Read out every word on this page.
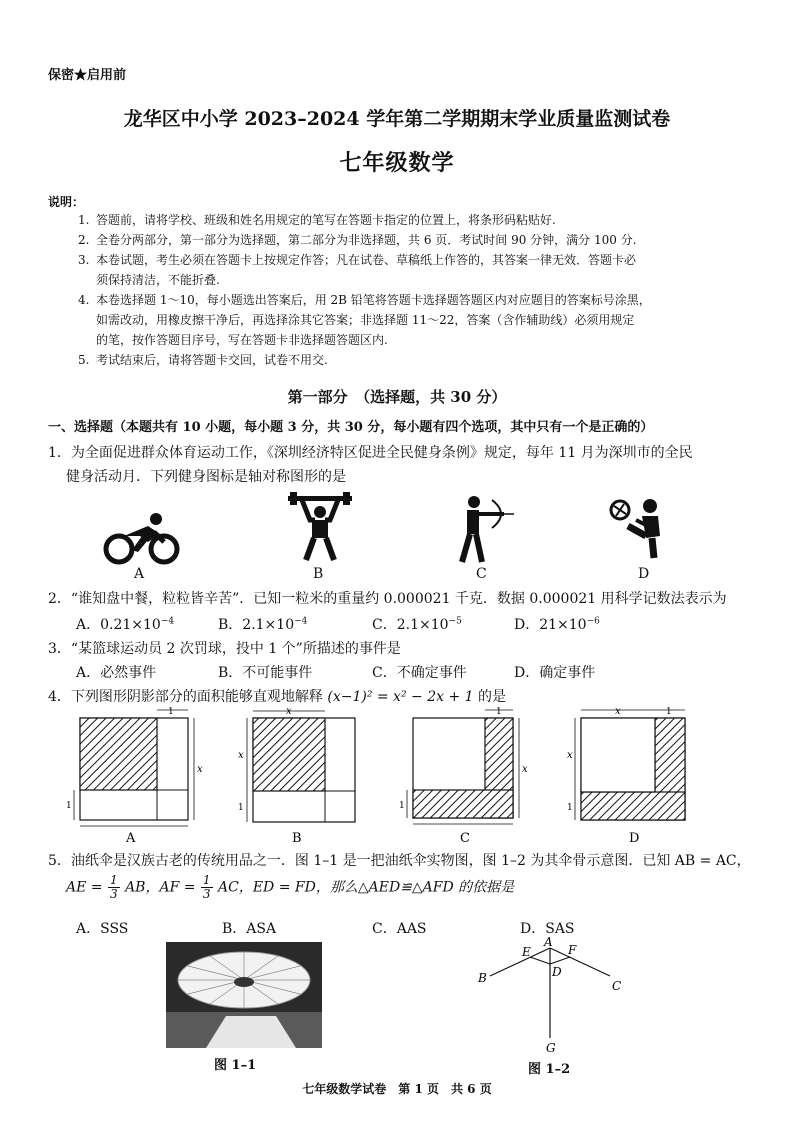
保密★启用前
龙华区中小学 2023–2024 学年第二学期期末学业质量监测试卷
七年级数学
说明：
1. 答题前，请将学校、班级和姓名用规定的笔写在答题卡指定的位置上，将条形码粘贴好.
2. 全卷分两部分，第一部分为选择题，第二部分为非选择题，共 6 页．考试时间 90 分钟，满分 100 分.
3. 本卷试题，考生必须在答题卡上按规定作答；凡在试卷、草稿纸上作答的，其答案一律无效．答题卡必
须保持清洁，不能折叠.
4. 本卷选择题 1～10，每小题选出答案后，用 2B 铅笔将答题卡选择题答题区内对应题目的答案标号涂黑，
如需改动，用橡皮擦干净后，再选择涂其它答案；非选择题 11～22，答案（含作辅助线）必须用规定
的笔，按作答题目序号，写在答题卡非选择题答题区内.
5. 考试结束后，请将答题卡交回，试卷不用交.
第一部分　（选择题，共 30 分）
一、选择题（本题共有 10 小题，每小题 3 分，共 30 分，每小题有四个选项，其中只有一个是正确的）
1．为全面促进群众体育运动工作，《深圳经济特区促进全民健身条例》规定，每年 11 月为深圳市的全民
健身活动月．下列健身图标是轴对称图形的是
A	B	C	D
2．“谁知盘中餐，粒粒皆辛苦”．已知一粒米的重量约 0.000021 千克．数据 0.000021 用科学记数法表示为
A．$0.21\times 10^{-4}$	B．$2.1\times 10^{-4}$	C．$2.1\times 10^{-5}$	D．$21\times 10^{-6}$
3．“某篮球运动员 2 次罚球，投中 1 个”所描述的事件是
A．必然事件	B．不可能事件	C．不确定事件	D．确定事件
4．下列图形阴影部分的面积能够直观地解释 (x−1)² = x² − 2x + 1 的是
1
x
1
A
x
x
1
B
1
x
1
C
x	1
x
1
D
5．油纸伞是汉族古老的传统用品之一．图 1–1 是一把油纸伞实物图，图 1–2 为其伞骨示意图．已知 AB = AC，
AE = $\frac{1}{3}$ AB，AF = $\frac{1}{3}$ AC，ED = FD，那么△AED≌△AFD 的依据是
A．SSS	B．ASA	C．AAS	D．SAS
图 1–1
A
B
C
D
E	F
G
图 1–2
七年级数学试卷　第 1 页　共 6 页
